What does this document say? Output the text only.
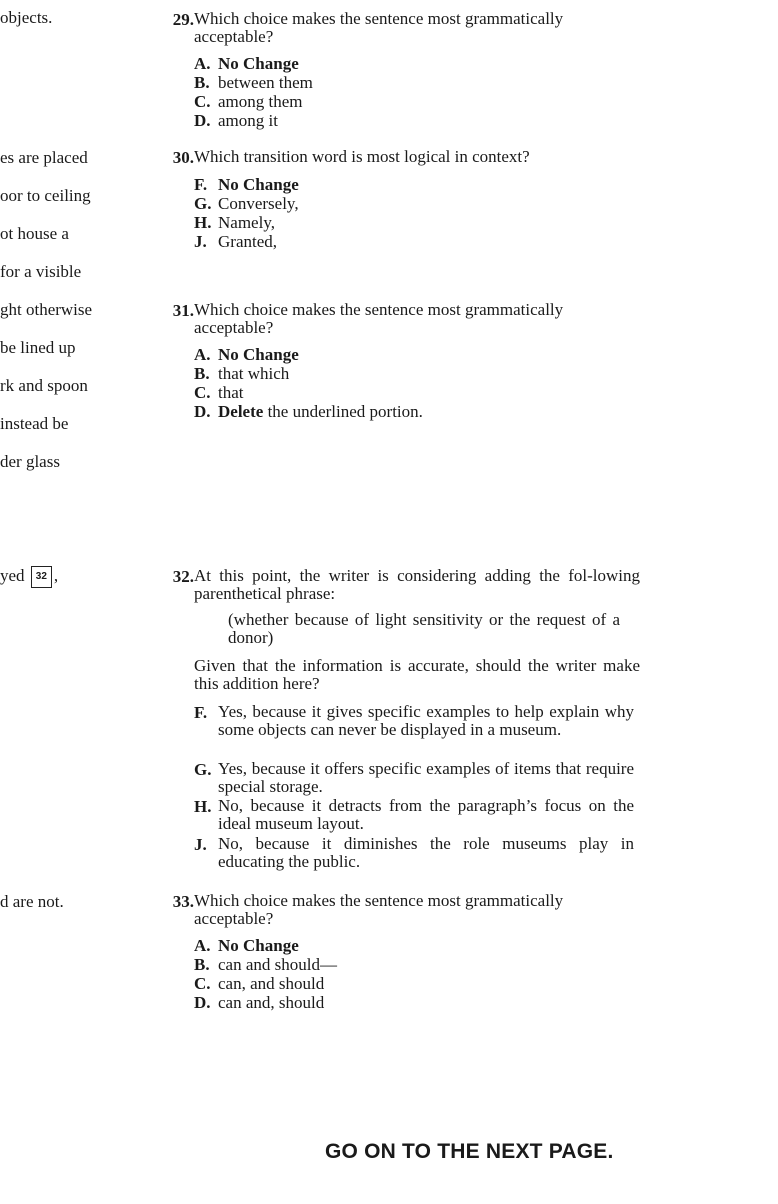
objects.
es are placed
oor to ceiling
ot house a
for a visible
ght otherwise
be lined up
rk and spoon
instead be
der glass
yed 32 ,
d are not.
29. Which choice makes the sentence most grammatically acceptable?
A. No Change
B. between them
C. among them
D. among it
30. Which transition word is most logical in context?
F. No Change
G. Conversely,
H. Namely,
J. Granted,
31. Which choice makes the sentence most grammatically acceptable?
A. No Change
B. that which
C. that
D. Delete the underlined portion.
32. At this point, the writer is considering adding the fol-lowing parenthetical phrase:
(whether because of light sensitivity or the request of a donor)
Given that the information is accurate, should the writer make this addition here?
F. Yes, because it gives specific examples to help explain why some objects can never be displayed in a museum.
G. Yes, because it offers specific examples of items that require special storage.
H. No, because it detracts from the paragraph’s focus on the ideal museum layout.
J. No, because it diminishes the role museums play in educating the public.
33. Which choice makes the sentence most grammatically acceptable?
A. No Change
B. can and should—
C. can, and should
D. can and, should
GO ON TO THE NEXT PAGE.
